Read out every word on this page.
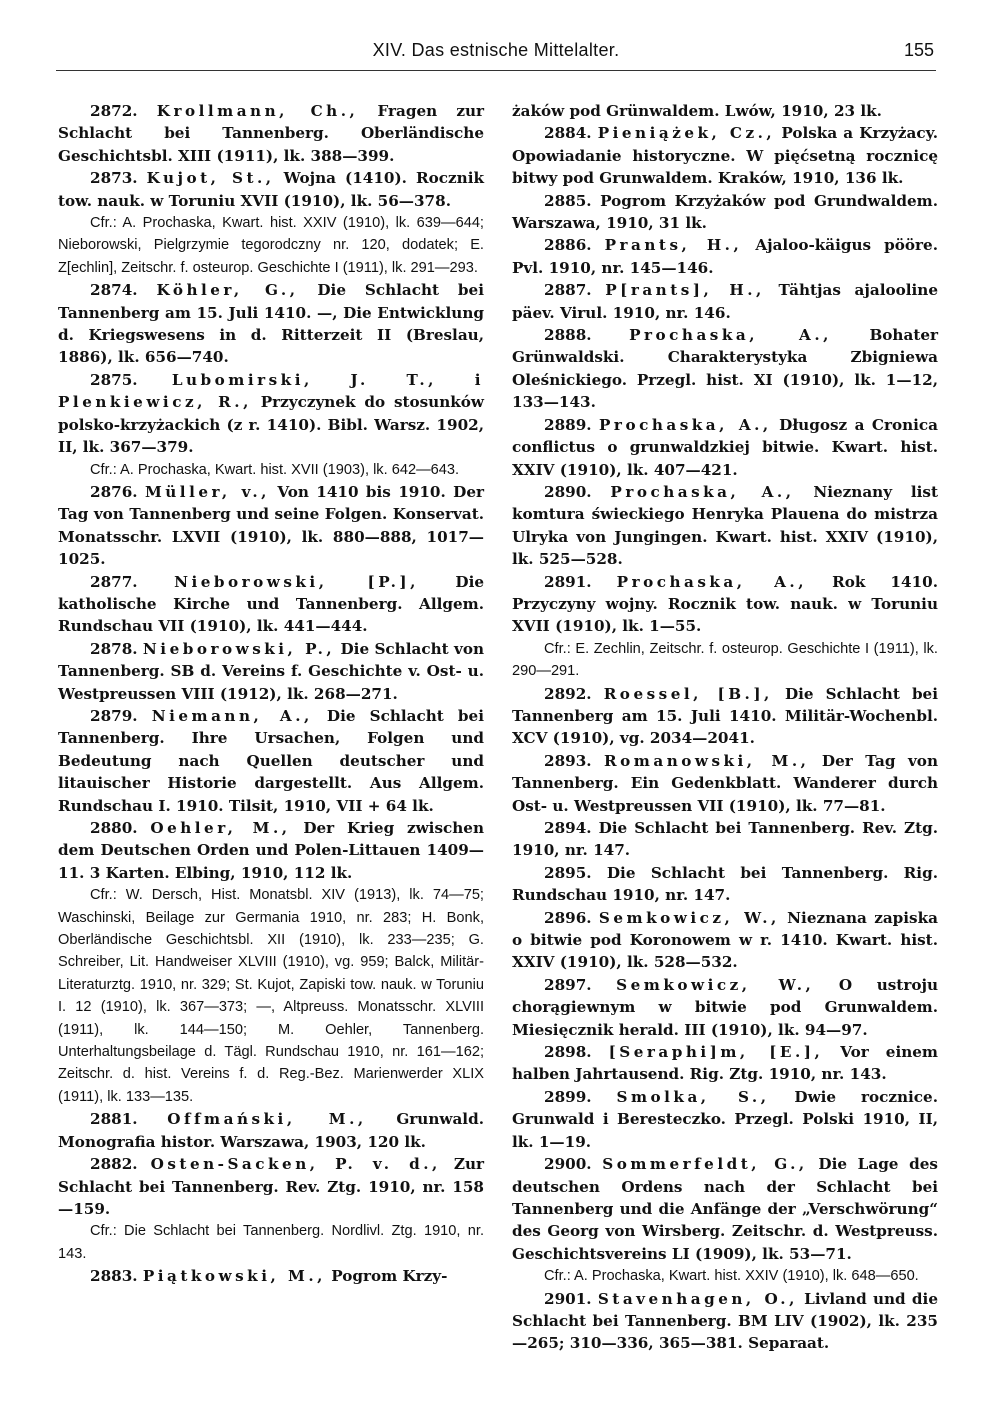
XIV. Das estnische Mittelalter.	155

2872. Krollmann, Ch., Fragen zur Schlacht bei Tannenberg. Oberländische Geschichtsbl. XIII (1911), lk. 388—399.

2873. Kujot, St., Wojna (1410). Rocznik tow. nauk. w Toruniu XVII (1910), lk. 56—378.

Cfr.: A. Prochaska, Kwart. hist. XXIV (1910), lk. 639—644; Nieborowski, Pielgrzymie tegorodczny nr. 120, dodatek; E. Z[echlin], Zeitschr. f. osteurop. Geschichte I (1911), lk. 291—293.

2874. Köhler, G., Die Schlacht bei Tannenberg am 15. Juli 1410. —, Die Entwicklung d. Kriegswesens in d. Ritterzeit II (Breslau, 1886), lk. 656—740.

2875. Lubomirski, J. T., i Plenkiewicz, R., Przyczynek do stosunków polsko-krzyżackich (z r. 1410). Bibl. Warsz. 1902, II, lk. 367—379.

Cfr.: A. Prochaska, Kwart. hist. XVII (1903), lk. 642—643.

2876. Müller, v., Von 1410 bis 1910. Der Tag von Tannenberg und seine Folgen. Konservat. Monatsschr. LXVII (1910), lk. 880—888, 1017—1025.

2877. Nieborowski, [P.], Die katholische Kirche und Tannenberg. Allgem. Rundschau VII (1910), lk. 441—444.

2878. Nieborowski, P., Die Schlacht von Tannenberg. SB d. Vereins f. Geschichte v. Ost- u. Westpreussen VIII (1912), lk. 268—271.

2879. Niemann, A., Die Schlacht bei Tannenberg. Ihre Ursachen, Folgen und Bedeutung nach Quellen deutscher und litauischer Historie dargestellt. Aus Allgem. Rundschau I. 1910. Tilsit, 1910, VII + 64 lk.

2880. Oehler, M., Der Krieg zwischen dem Deutschen Orden und Polen-Littauen 1409—11. 3 Karten. Elbing, 1910, 112 lk.

Cfr.: W. Dersch, Hist. Monatsbl. XIV (1913), lk. 74—75; Waschinski, Beilage zur Germania 1910, nr. 283; H. Bonk, Oberländische Geschichtsbl. XII (1910), lk. 233—235; G. Schreiber, Lit. Handweiser XLVIII (1910), vg. 959; Balck, Militär-Literaturztg. 1910, nr. 329; St. Kujot, Zapiski tow. nauk. w Toruniu I. 12 (1910), lk. 367—373; —, Altpreuss. Monatsschr. XLVIII (1911), lk. 144—150; M. Oehler, Tannenberg. Unterhaltungsbeilage d. Tägl. Rundschau 1910, nr. 161—162; Zeitschr. d. hist. Vereins f. d. Reg.-Bez. Marienwerder XLIX (1911), lk. 133—135.

2881. Offmański, M., Grunwald. Monografia histor. Warszawa, 1903, 120 lk.

2882. Osten-Sacken, P. v. d., Zur Schlacht bei Tannenberg. Rev. Ztg. 1910, nr. 158—159.

Cfr.: Die Schlacht bei Tannenberg. Nordlivl. Ztg. 1910, nr. 143.

2883. Piątkowski, M., Pogrom Krzy-

żaków pod Grünwaldem. Lwów, 1910, 23 lk.

2884. Pieniążek, Cz., Polska a Krzyżacy. Opowiadanie historyczne. W pięćsetną rocznicę bitwy pod Grunwaldem. Kraków, 1910, 136 lk.

2885. Pogrom Krzyżaków pod Grundwaldem. Warszawa, 1910, 31 lk.

2886. Prants, H., Ajaloo-käigus pööre. Pvl. 1910, nr. 145—146.

2887. P[rants], H., Tähtjas ajalooline päev. Virul. 1910, nr. 146.

2888. Prochaska, A., Bohater Grünwaldski. Charakterystyka Zbigniewa Oleśnickiego. Przegl. hist. XI (1910), lk. 1—12, 133—143.

2889. Prochaska, A., Długosz a Cronica conflictus o grunwaldzkiej bitwie. Kwart. hist. XXIV (1910), lk. 407—421.

2890. Prochaska, A., Nieznany list komtura świeckiego Henryka Plauena do mistrza Ulryka von Jungingen. Kwart. hist. XXIV (1910), lk. 525—528.

2891. Prochaska, A., Rok 1410. Przyczyny wojny. Rocznik tow. nauk. w Toruniu XVII (1910), lk. 1—55.

Cfr.: E. Zechlin, Zeitschr. f. osteurop. Geschichte I (1911), lk. 290—291.

2892. Roessel, [B.], Die Schlacht bei Tannenberg am 15. Juli 1410. Militär-Wochenbl. XCV (1910), vg. 2034—2041.

2893. Romanowski, M., Der Tag von Tannenberg. Ein Gedenkblatt. Wanderer durch Ost- u. Westpreussen VII (1910), lk. 77—81.

2894. Die Schlacht bei Tannenberg. Rev. Ztg. 1910, nr. 147.

2895. Die Schlacht bei Tannenberg. Rig. Rundschau 1910, nr. 147.

2896. Semkowicz, W., Nieznana zapiska o bitwie pod Koronowem w r. 1410. Kwart. hist. XXIV (1910), lk. 528—532.

2897. Semkowicz, W., O ustroju chorągiewnym w bitwie pod Grunwaldem. Miesięcznik herald. III (1910), lk. 94—97.

2898. [Seraphi]m, [E.], Vor einem halben Jahrtausend. Rig. Ztg. 1910, nr. 143.

2899. Smolka, S., Dwie rocznice. Grunwald i Beresteczko. Przegl. Polski 1910, II, lk. 1—19.

2900. Sommerfeldt, G., Die Lage des deutschen Ordens nach der Schlacht bei Tannenberg und die Anfänge der „Verschwörung“ des Georg von Wirsberg. Zeitschr. d. Westpreuss. Geschichtsvereins LI (1909), lk. 53—71.

Cfr.: A. Prochaska, Kwart. hist. XXIV (1910), lk. 648—650.

2901. Stavenhagen, O., Livland und die Schlacht bei Tannenberg. BM LIV (1902), lk. 235—265; 310—336, 365—381. Separaat.
